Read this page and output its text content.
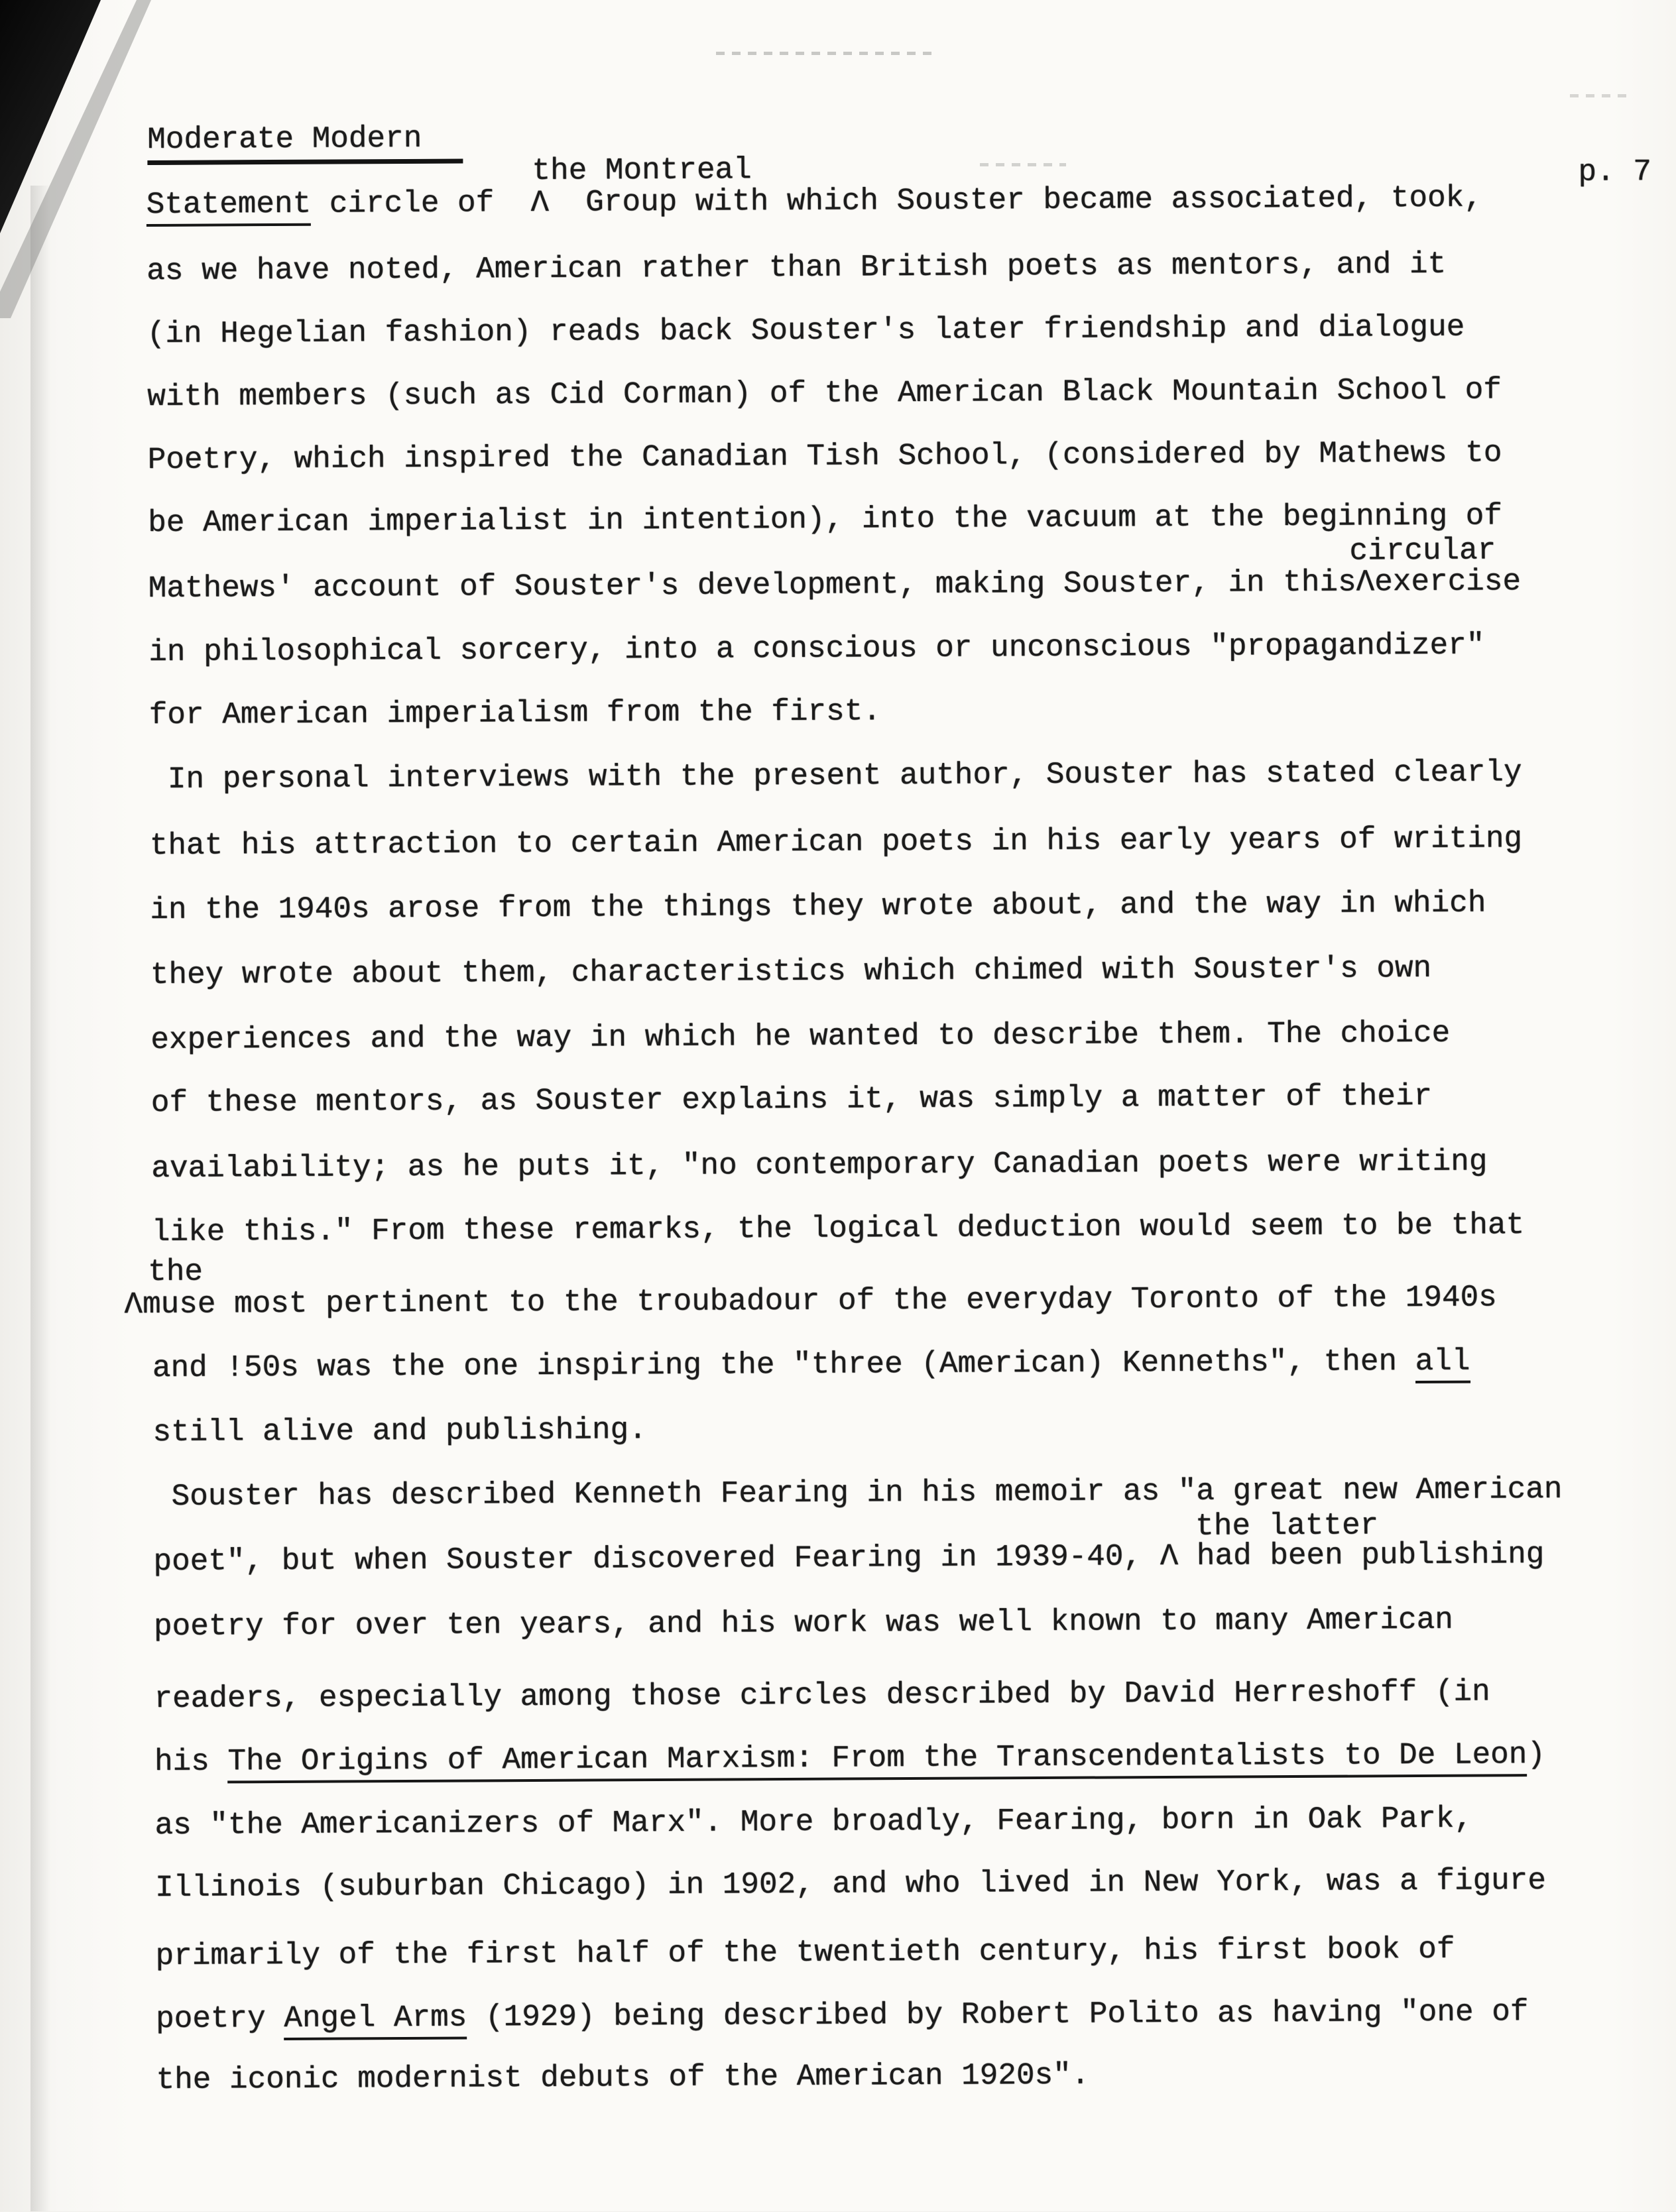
Moderate Modern
p. 7
Statement circle of  Λ  Group with which Souster became associated, took,
as we have noted, American rather than British poets as mentors, and it
(in Hegelian fashion) reads back Souster's later friendship and dialogue
with members (such as Cid Corman) of the American Black Mountain School of
Poetry, which inspired the Canadian Tish School, (considered by Mathews to
be American imperialist in intention), into the vacuum at the beginning of
Mathews' account of Souster's development, making Souster, in thisΛexercise
in philosophical sorcery, into a conscious or unconscious "propagandizer"
for American imperialism from the first.
In personal interviews with the present author, Souster has stated clearly
that his attraction to certain American poets in his early years of writing
in the 1940s arose from the things they wrote about, and the way in which
they wrote about them, characteristics which chimed with Souster's own
experiences and the way in which he wanted to describe them. The choice
of these mentors, as Souster explains it, was simply a matter of their
availability; as he puts it, "no contemporary Canadian poets were writing
like this." From these remarks, the logical deduction would seem to be that
Λmuse most pertinent to the troubadour of the everyday Toronto of the 1940s
and !50s was the one inspiring the "three (American) Kenneths", then all
still alive and publishing.
Souster has described Kenneth Fearing in his memoir as "a great new American
poet", but when Souster discovered Fearing in 1939-40, Λ had been publishing
poetry for over ten years, and his work was well known to many American
readers, especially among those circles described by David Herreshoff (in
his The Origins of American Marxism: From the Transcendentalists to De Leon)
as "the Americanizers of Marx". More broadly, Fearing, born in Oak Park,
Illinois (suburban Chicago) in 1902, and who lived in New York, was a figure
primarily of the first half of the twentieth century, his first book of
poetry Angel Arms (1929) being described by Robert Polito as having "one of
the iconic modernist debuts of the American 1920s".
the Montreal
circular
the
the latter
